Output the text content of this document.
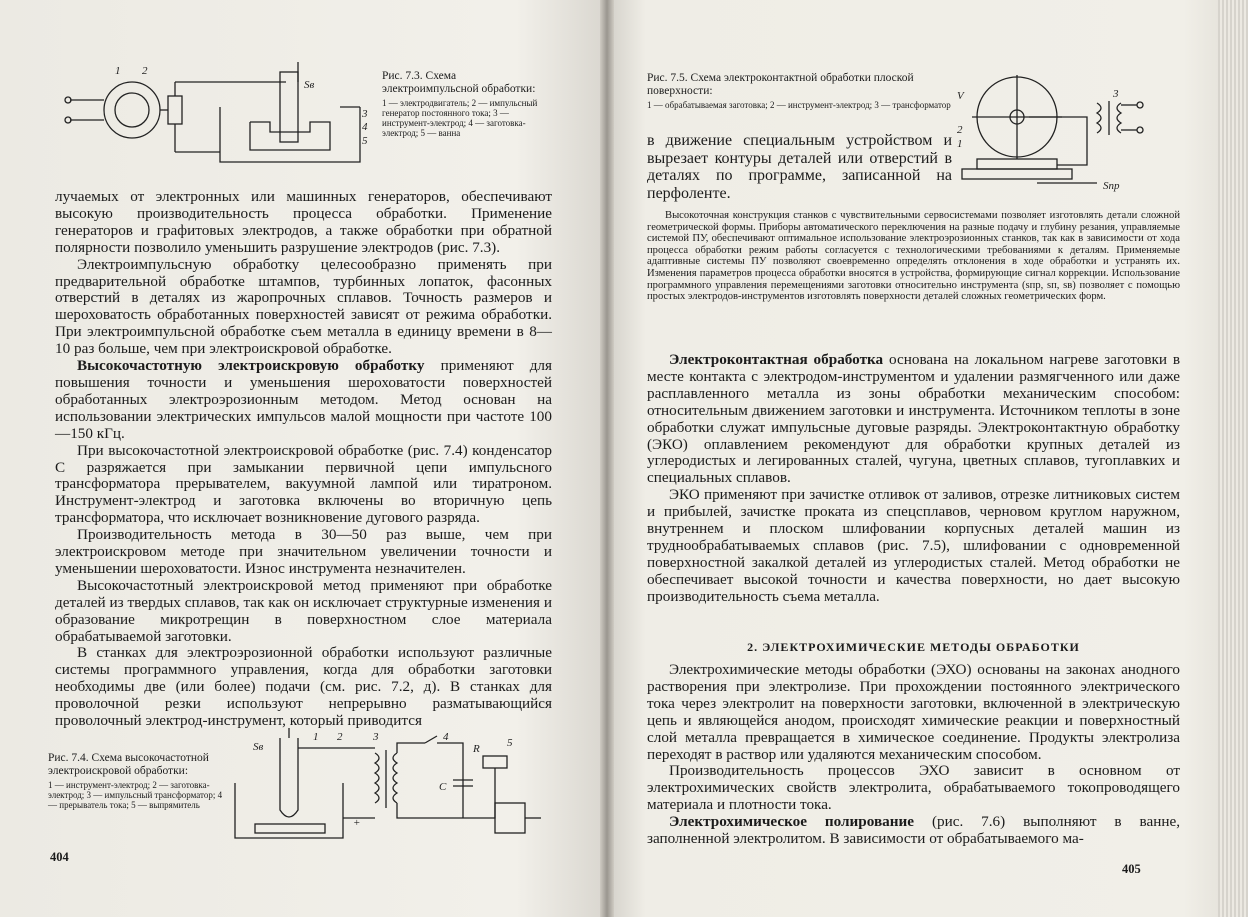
1 2
3
4
5
Sв
Рис. 7.3. Схема электроимпульсной обработки:
1 — электродвигатель; 2 — импульсный генератор постоянного тока; 3 — инструмент-электрод; 4 — заготовка-электрод; 5 — ванна

лучаемых от электронных или машинных генераторов, обеспечивают высокую производительность процесса обработки. Применение генераторов и графитовых электродов, а также обработки при обратной полярности позволило уменьшить разрушение электродов (рис. 7.3).

Электроимпульсную обработку целесообразно применять при предварительной обработке штампов, турбинных лопаток, фасонных отверстий в деталях из жаропрочных сплавов. Точность размеров и шероховатость обработанных поверхностей зависят от режима обработки. При электроимпульсной обработке съем металла в единицу времени в 8—10 раз больше, чем при электроискровой обработке.

Высокочастотную электроискровую обработку применяют для повышения точности и уменьшения шероховатости поверхностей обработанных электроэрозионным методом. Метод основан на использовании электрических импульсов малой мощности при частоте 100—150 кГц.

При высокочастотной электроискровой обработке (рис. 7.4) конденсатор С разряжается при замыкании первичной цепи импульсного трансформатора прерывателем, вакуумной лампой или тиратроном. Инструмент-электрод и заготовка включены во вторичную цепь трансформатора, что исключает возникновение дугового разряда.

Производительность метода в 30—50 раз выше, чем при электроискровом методе при значительном увеличении точности и уменьшении шероховатости. Износ инструмента незначителен.

Высокочастотный электроискровой метод применяют при обработке деталей из твердых сплавов, так как он исключает структурные изменения и образование микротрещин в поверхностном слое материала обрабатываемой заготовки.

В станках для электроэрозионной обработки используют различные системы программного управления, когда для обработки заготовки необходимы две (или более) подачи (см. рис. 7.2, д). В станках для проволочной резки используют непрерывно разматывающийся проволочный электрод-инструмент, который приводится

Рис. 7.4. Схема высокочастотной электроискровой обработки:
1 — инструмент-электрод; 2 — заготовка-электрод; 3 — импульсный трансформатор; 4 — прерыватель тока; 5 — выпрямитель
1 2	3	4	5
Sв
C
R
+
404
Рис. 7.5. Схема электроконтактной обработки плоской поверхности:
1 — обрабатываемая заготовка; 2 — инструмент-электрод; 3 — трансформатор
V
2
1
3
Sпр

в движение специальным устройством и вырезает контуры деталей или отверстий в деталях по программе, записанной на перфоленте.

Высокоточная конструкция станков с чувствительными сервосистемами позволяет изготовлять детали сложной геометрической формы. Приборы автоматического переключения на разные подачу и глубину резания, управляемые системой ПУ, обеспечивают оптимальное использование электроэрозионных станков, так как в зависимости от хода процесса обработки режим работы согласуется с технологическими требованиями к деталям. Применяемые адаптивные системы ПУ позволяют своевременно определять отклонения в ходе обработки и устранять их. Изменения параметров процесса обработки вносятся в устройства, формирующие сигнал коррекции. Использование программного управления перемещениями заготовки относительно инструмента (sпр, sп, sв) позволяет с помощью простых электродов-инструментов изготовлять поверхности деталей сложных геометрических форм.

Электроконтактная обработка основана на локальном нагреве заготовки в месте контакта с электродом-инструментом и удалении размягченного или даже расплавленного металла из зоны обработки механическим способом: относительным движением заготовки и инструмента. Источником теплоты в зоне обработки служат импульсные дуговые разряды. Электроконтактную обработку (ЭКО) оплавлением рекомендуют для обработки крупных деталей из углеродистых и легированных сталей, чугуна, цветных сплавов, тугоплавких и специальных сплавов.

ЭКО применяют при зачистке отливок от заливов, отрезке литниковых систем и прибылей, зачистке проката из спецсплавов, черновом круглом наружном, внутреннем и плоском шлифовании корпусных деталей машин из труднообрабатываемых сплавов (рис. 7.5), шлифовании с одновременной поверхностной закалкой деталей из углеродистых сталей. Метод обработки не обеспечивает высокой точности и качества поверхности, но дает высокую производительность съема металла.

2. ЭЛЕКТРОХИМИЧЕСКИЕ МЕТОДЫ ОБРАБОТКИ

Электрохимические методы обработки (ЭХО) основаны на законах анодного растворения при электролизе. При прохождении постоянного электрического тока через электролит на поверхности заготовки, включенной в электрическую цепь и являющейся анодом, происходят химические реакции и поверхностный слой металла превращается в химическое соединение. Продукты электролиза переходят в раствор или удаляются механическим способом.

Производительность процессов ЭХО зависит в основном от электрохимических свойств электролита, обрабатываемого токопроводящего материала и плотности тока.

Электрохимическое полирование (рис. 7.6) выполняют в ванне, заполненной электролитом. В зависимости от обрабатываемого ма-

405
